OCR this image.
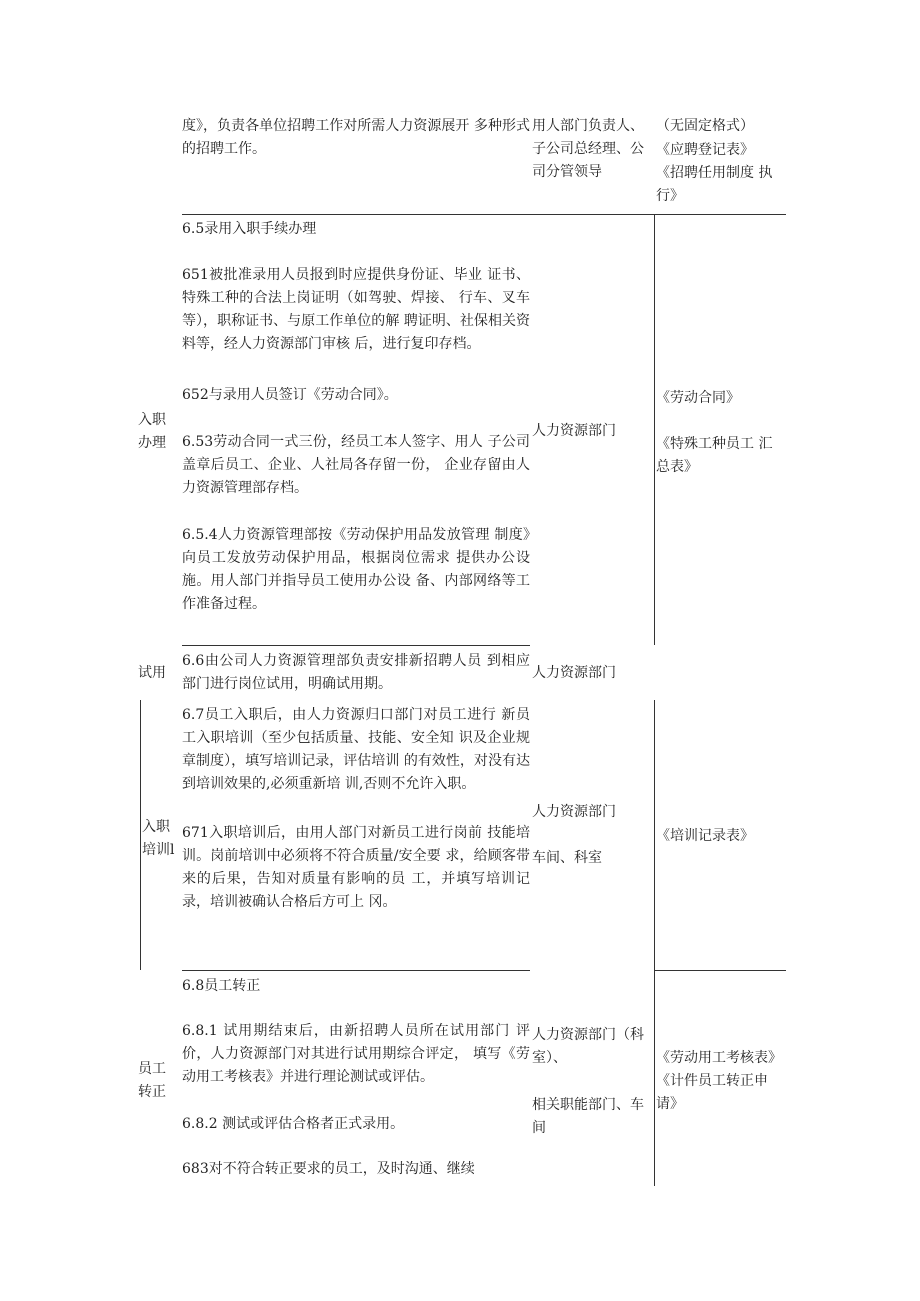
度》，负责各单位招聘工作对所需人力资源展开 多种形式的招聘工作。
用人部门负责人、子公司总经理、公司分管领导
（无固定格式）
《应聘登记表》
《招聘任用制度 执行》
入职办理
6.5录用入职手续办理
651被批准录用人员报到时应提供身份证、毕业 证书、特殊工种的合法上岗证明（如驾驶、焊接、 行车、叉车等），职称证书、与原工作单位的解 聘证明、社保相关资料等，经人力资源部门审核 后，进行复印存档。
652与录用人员签订《劳动合同》。
6.53劳动合同一式三份，经员工本人签字、用人 子公司盖章后员工、企业、人社局各存留一份， 企业存留由人力资源管理部存档。
6.5.4人力资源管理部按《劳动保护用品发放管理 制度》向员工发放劳动保护用品，根据岗位需求 提供办公设施。用人部门并指导员工使用办公设 备、内部网络等工作准备过程。
人力资源部门
《劳动合同》
《特殊工种员工 汇总表》
试用
6.6由公司人力资源管理部负责安排新招聘人员 到相应部门进行岗位试用，明确试用期。
人力资源部门
入职培训l
6.7员工入职后，由人力资源归口部门对员工进行 新员工入职培训（至少包括质量、技能、安全知 识及企业规章制度），填写培训记录，评估培训 的有效性，对没有达到培训效果的,必须重新培 训,否则不允许入职。
671入职培训后，由用人部门对新员工进行岗前 技能培训。岗前培训中必须将不符合质量/安全要 求，给顾客带来的后果，告知对质量有影响的员 工，并填写培训记录，培训被确认合格后方可上 冈。
人力资源部门
车间、科室
《培训记录表》
员工转正
6.8员工转正
6.8.1 试用期结束后，由新招聘人员所在试用部门 评价，人力资源部门对其进行试用期综合评定， 填写《劳动用工考核表》并进行理论测试或评估。
6.8.2 测试或评估合格者正式录用。
683对不符合转正要求的员工，及时沟通、继续
人力资源部门（科室）、
相关职能部门、车间
《劳动用工考核表》《计件员工转正申请》
